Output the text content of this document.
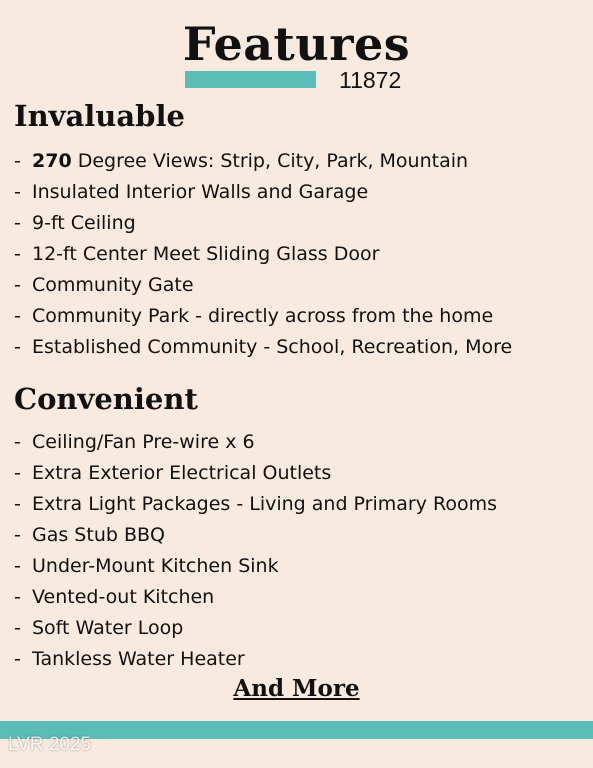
Features
11872
Invaluable
- 270 Degree Views: Strip, City, Park, Mountain
- Insulated Interior Walls and Garage
- 9-ft Ceiling
- 12-ft Center Meet Sliding Glass Door
- Community Gate
- Community Park - directly across from the home
- Established Community - School, Recreation, More
Convenient
- Ceiling/Fan Pre-wire x 6
- Extra Exterior Electrical Outlets
- Extra Light Packages - Living and Primary Rooms
- Gas Stub BBQ
- Under-Mount Kitchen Sink
- Vented-out Kitchen
- Soft Water Loop
- Tankless Water Heater
And More
LVR 2025
